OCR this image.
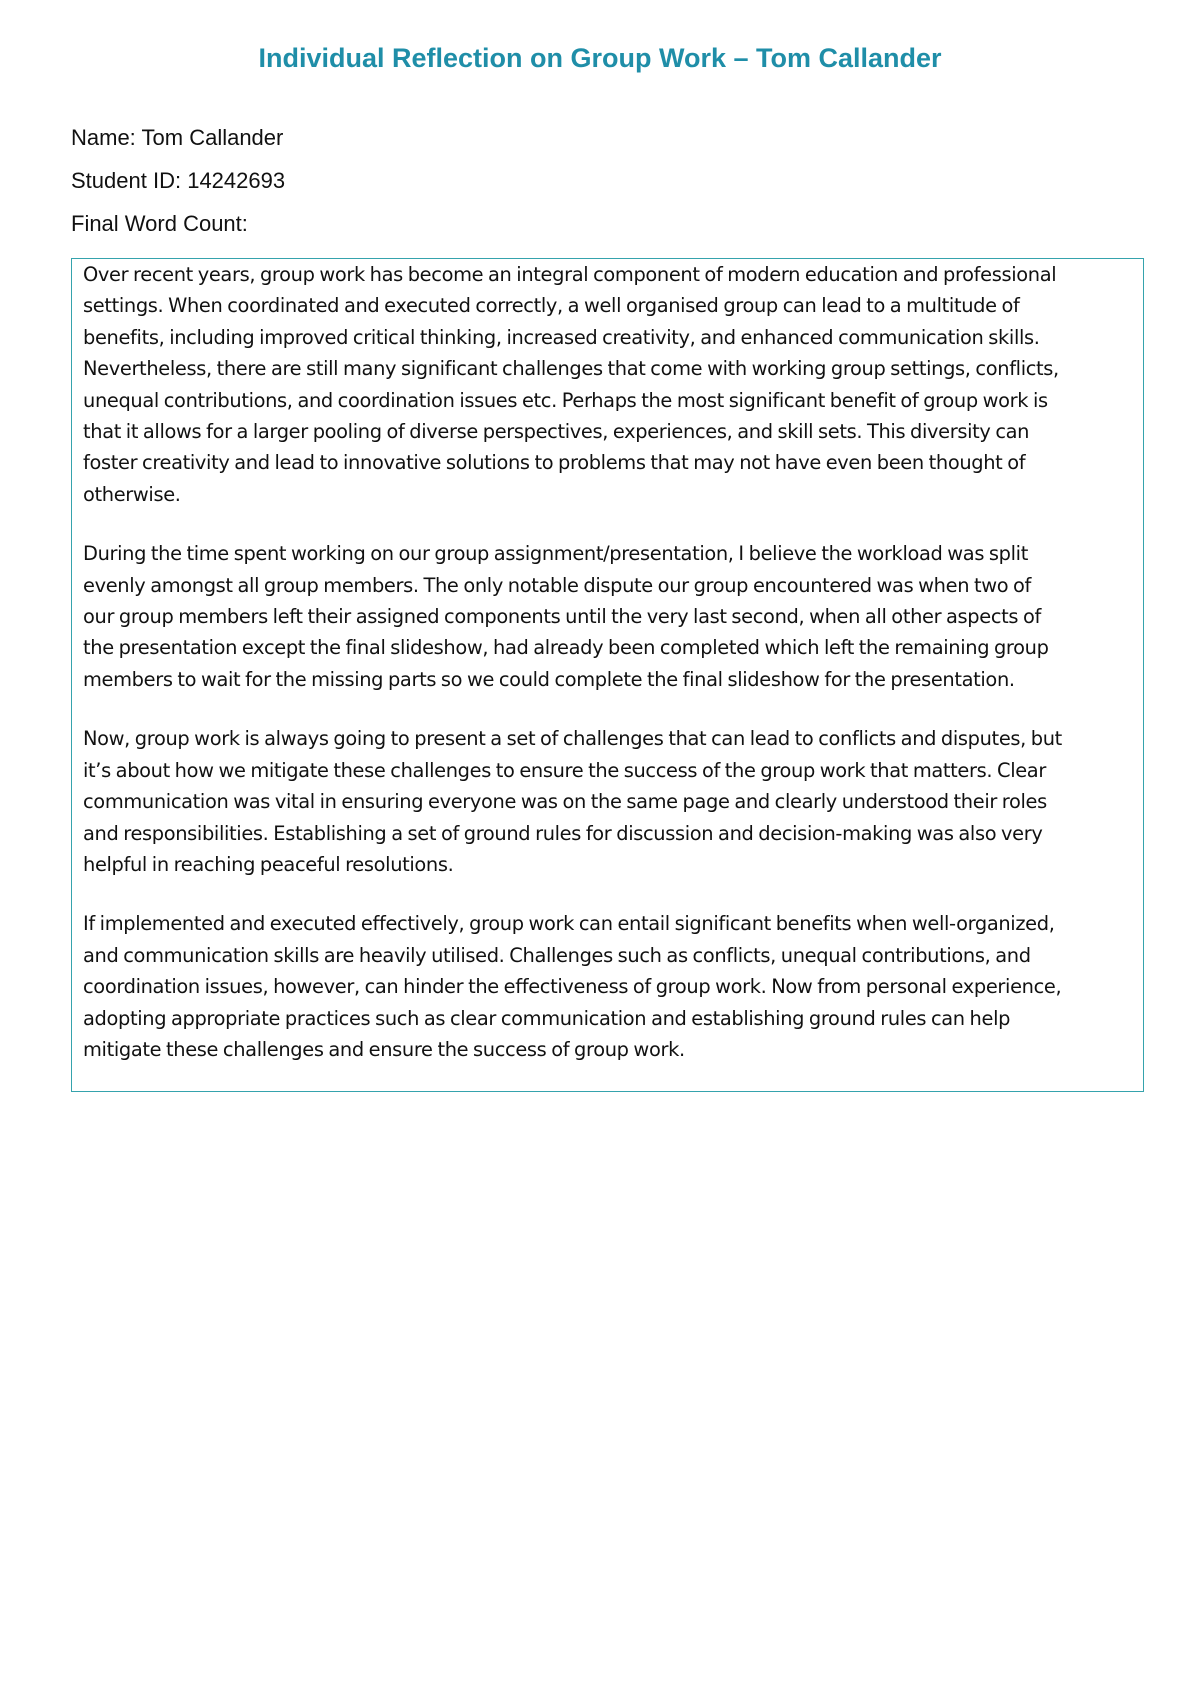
Individual Reflection on Group Work – Tom Callander
Name: Tom Callander
Student ID: 14242693
Final Word Count:

Over recent years, group work has become an integral component of modern education and professional
settings. When coordinated and executed correctly, a well organised group can lead to a multitude of
benefits, including improved critical thinking, increased creativity, and enhanced communication skills.
Nevertheless, there are still many significant challenges that come with working group settings, conflicts,
unequal contributions, and coordination issues etc. Perhaps the most significant benefit of group work is
that it allows for a larger pooling of diverse perspectives, experiences, and skill sets. This diversity can
foster creativity and lead to innovative solutions to problems that may not have even been thought of
otherwise.

During the time spent working on our group assignment/presentation, I believe the workload was split
evenly amongst all group members. The only notable dispute our group encountered was when two of
our group members left their assigned components until the very last second, when all other aspects of
the presentation except the final slideshow, had already been completed which left the remaining group
members to wait for the missing parts so we could complete the final slideshow for the presentation.

Now, group work is always going to present a set of challenges that can lead to conflicts and disputes, but
it’s about how we mitigate these challenges to ensure the success of the group work that matters. Clear
communication was vital in ensuring everyone was on the same page and clearly understood their roles
and responsibilities. Establishing a set of ground rules for discussion and decision-making was also very
helpful in reaching peaceful resolutions.

If implemented and executed effectively, group work can entail significant benefits when well-organized,
and communication skills are heavily utilised. Challenges such as conflicts, unequal contributions, and
coordination issues, however, can hinder the effectiveness of group work. Now from personal experience,
adopting appropriate practices such as clear communication and establishing ground rules can help
mitigate these challenges and ensure the success of group work.
